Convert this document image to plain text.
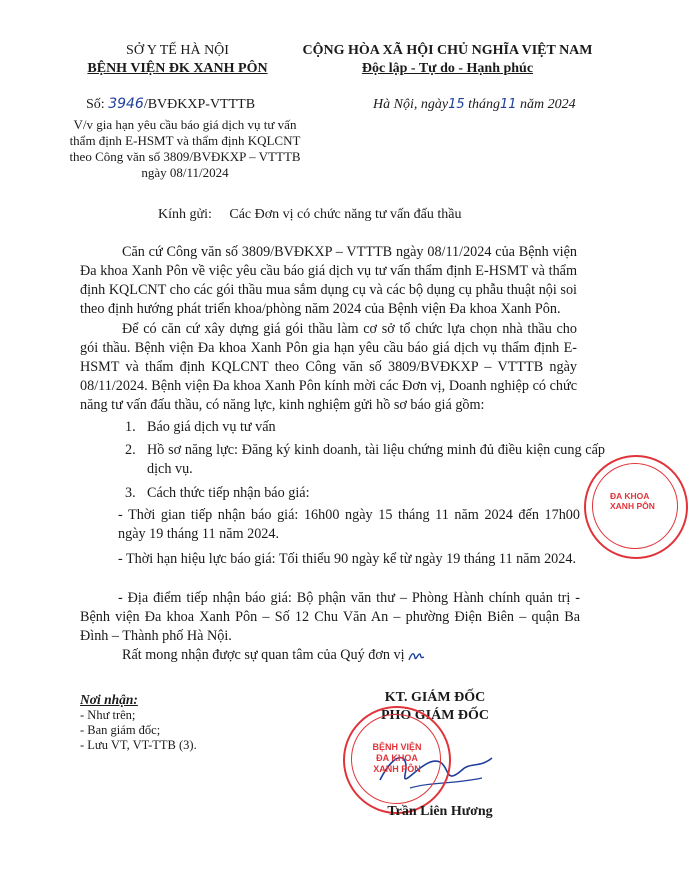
SỞ Y TẾ HÀ NỘI
BỆNH VIỆN ĐK XANH PÔN
Số: 3946/BVĐKXP-VTTTB
V/v gia hạn yêu cầu báo giá dịch vụ tư vấn
thẩm định E-HSMT và thẩm định KQLCNT
theo Công văn số 3809/BVĐKXP – VTTTB
ngày 08/11/2024
CỘNG HÒA XÃ HỘI CHỦ NGHĨA VIỆT NAM
Độc lập - Tự do - Hạnh phúc
Hà Nội, ngày15 tháng11 năm 2024
Kính gửi: Các Đơn vị có chức năng tư vấn đấu thầu
Căn cứ Công văn số 3809/BVĐKXP – VTTTB ngày 08/11/2024 của Bệnh viện Đa khoa Xanh Pôn về việc yêu cầu báo giá dịch vụ tư vấn thẩm định E-HSMT và thẩm định KQLCNT cho các gói thầu mua sắm dụng cụ và các bộ dụng cụ phẫu thuật nội soi theo định hướng phát triển khoa/phòng năm 2024 của Bệnh viện Đa khoa Xanh Pôn.
Để có căn cứ xây dựng giá gói thầu làm cơ sở tổ chức lựa chọn nhà thầu cho gói thầu. Bệnh viện Đa khoa Xanh Pôn gia hạn yêu cầu báo giá dịch vụ thẩm định E-HSMT và thẩm định KQLCNT theo Công văn số 3809/BVĐKXP – VTTTB ngày 08/11/2024. Bệnh viện Đa khoa Xanh Pôn kính mời các Đơn vị, Doanh nghiệp có chức năng tư vấn đấu thầu, có năng lực, kinh nghiệm gửi hồ sơ báo giá gồm:
1. Báo giá dịch vụ tư vấn
2. Hồ sơ năng lực: Đăng ký kinh doanh, tài liệu chứng minh đủ điều kiện cung cấp dịch vụ.
3. Cách thức tiếp nhận báo giá:
- Thời gian tiếp nhận báo giá: 16h00 ngày 15 tháng 11 năm 2024 đến 17h00 ngày 19 tháng 11 năm 2024.
- Thời hạn hiệu lực báo giá: Tối thiểu 90 ngày kể từ ngày 19 tháng 11 năm 2024.
- Địa điểm tiếp nhận báo giá: Bộ phận văn thư – Phòng Hành chính quản trị - Bệnh viện Đa khoa Xanh Pôn – Số 12 Chu Văn An – phường Điện Biên – quận Ba Đình – Thành phố Hà Nội.
Rất mong nhận được sự quan tâm của Quý đơn vị
Nơi nhận:
- Như trên;
- Ban giám đốc;
- Lưu VT, VT-TTB (3).
KT. GIÁM ĐỐC
PHÓ GIÁM ĐỐC
BỆNH VIỆN
ĐA KHOA
XANH PÔN
ĐA KHOA
XANH PÔN
Trần Liên Hương
